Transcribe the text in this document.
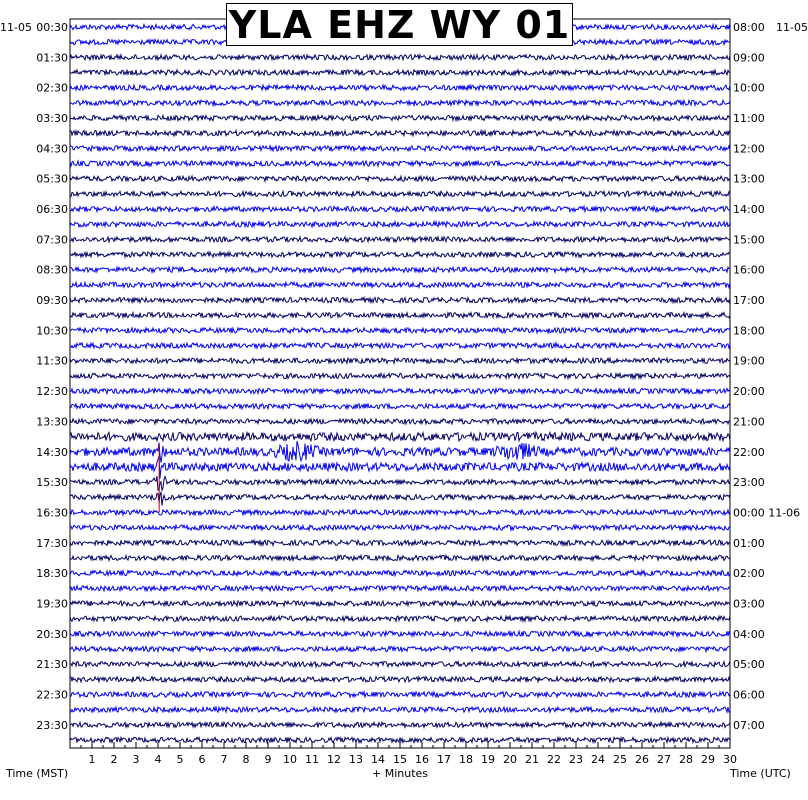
1 2 3 4 5 6 7 8 9 10 11 12 13 14 15 16 17 18 19 20 21 22 23 24 25 26 27 28 29 30
00:30
01:30
02:30
03:30
04:30
05:30
06:30
07:30
08:30
09:30
10:30
11:30
12:30
13:30
14:30
15:30
16:30
17:30
18:30
19:30
20:30
21:30
22:30
23:30
08:00
09:00
10:00
11:00
12:00
13:00
14:00
15:00
16:00
17:00
18:00
19:00
20:00
21:00
22:00
23:00
00:00 11-06
01:00
02:00
03:00
04:00
05:00
06:00
07:00
YLA EHZ WY 01
11-05	11-05
Time (MST)	+ Minutes	Time (UTC)
